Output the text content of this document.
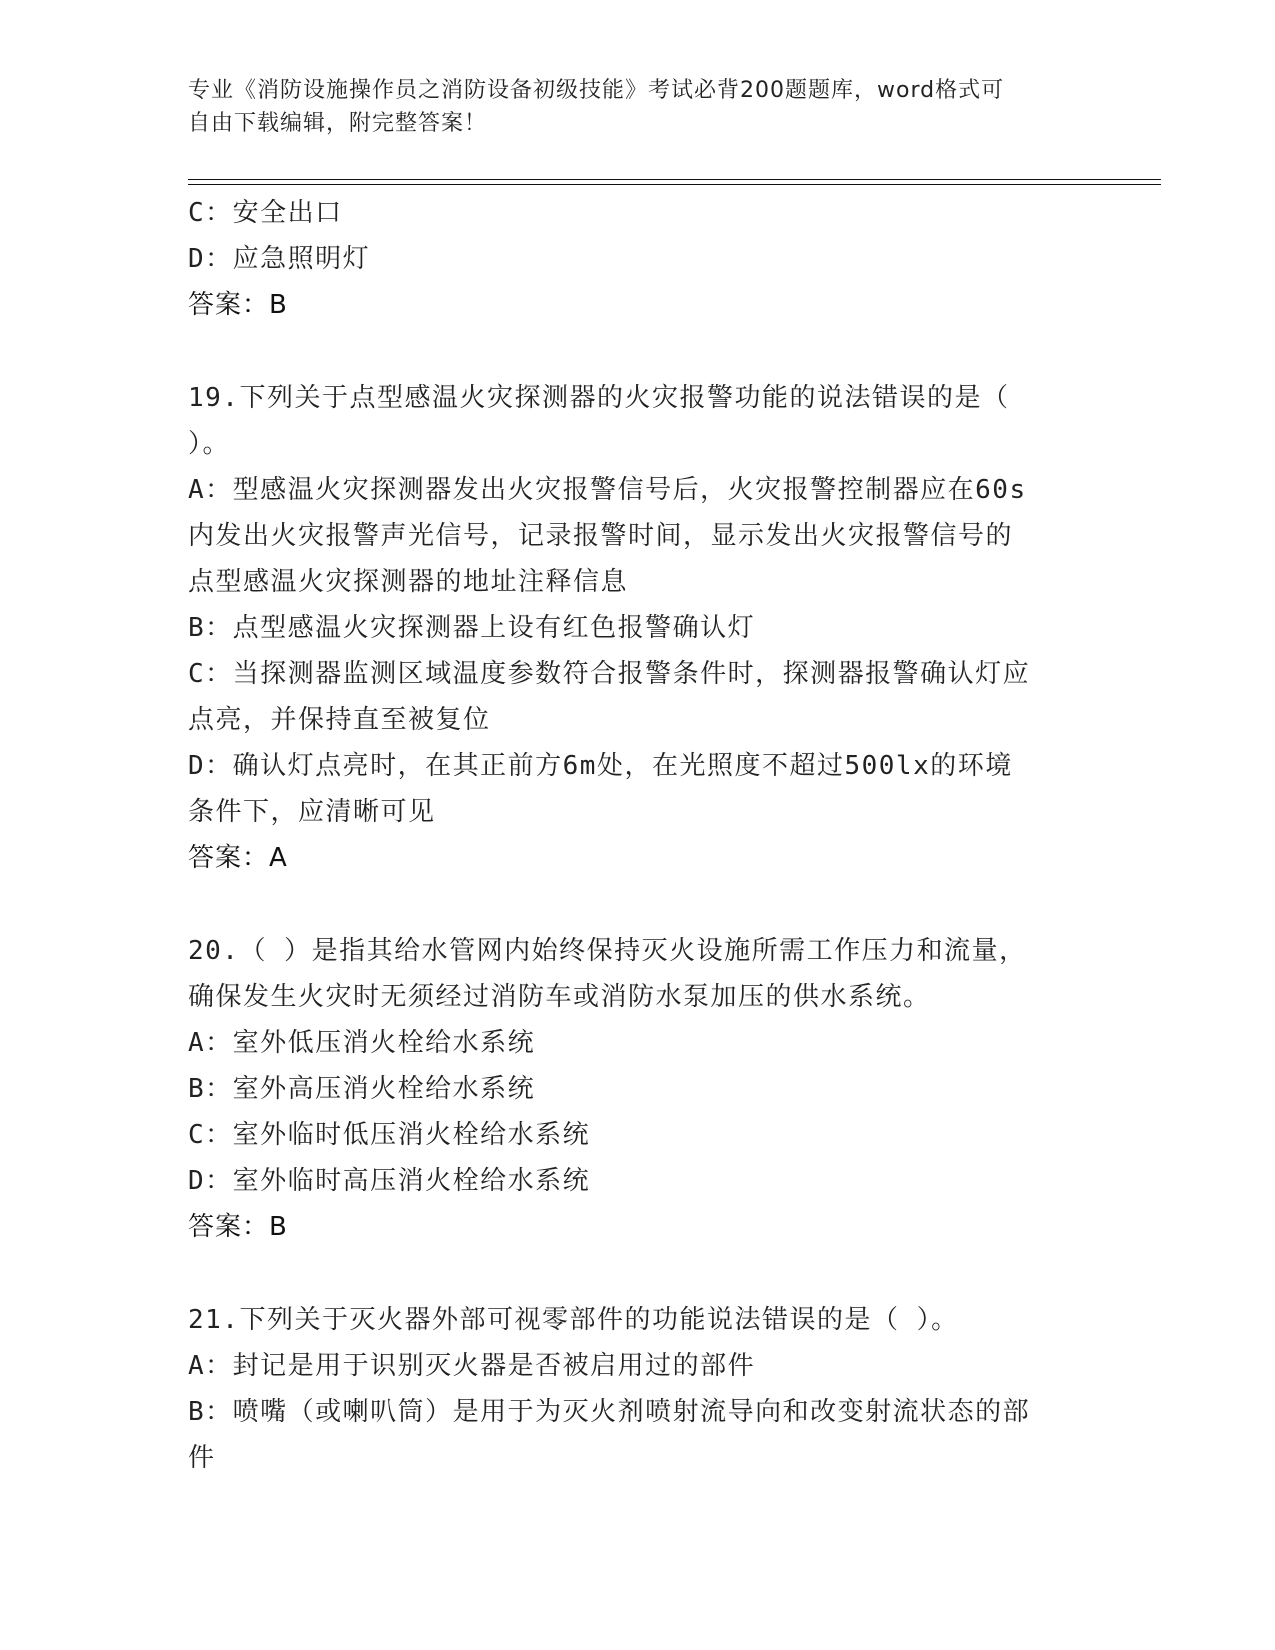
专业《消防设施操作员之消防设备初级技能》考试必背200题题库，word格式可
自由下载编辑，附完整答案！
C：安全出口
D：应急照明灯
答案：B
19.下列关于点型感温火灾探测器的火灾报警功能的说法错误的是（
）。
A：型感温火灾探测器发出火灾报警信号后，火灾报警控制器应在60s
内发出火灾报警声光信号，记录报警时间，显示发出火灾报警信号的
点型感温火灾探测器的地址注释信息
B：点型感温火灾探测器上设有红色报警确认灯
C：当探测器监测区域温度参数符合报警条件时，探测器报警确认灯应
点亮，并保持直至被复位
D：确认灯点亮时，在其正前方6m处，在光照度不超过500lx的环境
条件下，应清晰可见
答案：A
20.（ ）是指其给水管网内始终保持灭火设施所需工作压力和流量，
确保发生火灾时无须经过消防车或消防水泵加压的供水系统。
A：室外低压消火栓给水系统
B：室外高压消火栓给水系统
C：室外临时低压消火栓给水系统
D：室外临时高压消火栓给水系统
答案：B
21.下列关于灭火器外部可视零部件的功能说法错误的是（ ）。
A：封记是用于识别灭火器是否被启用过的部件
B：喷嘴（或喇叭筒）是用于为灭火剂喷射流导向和改变射流状态的部
件
